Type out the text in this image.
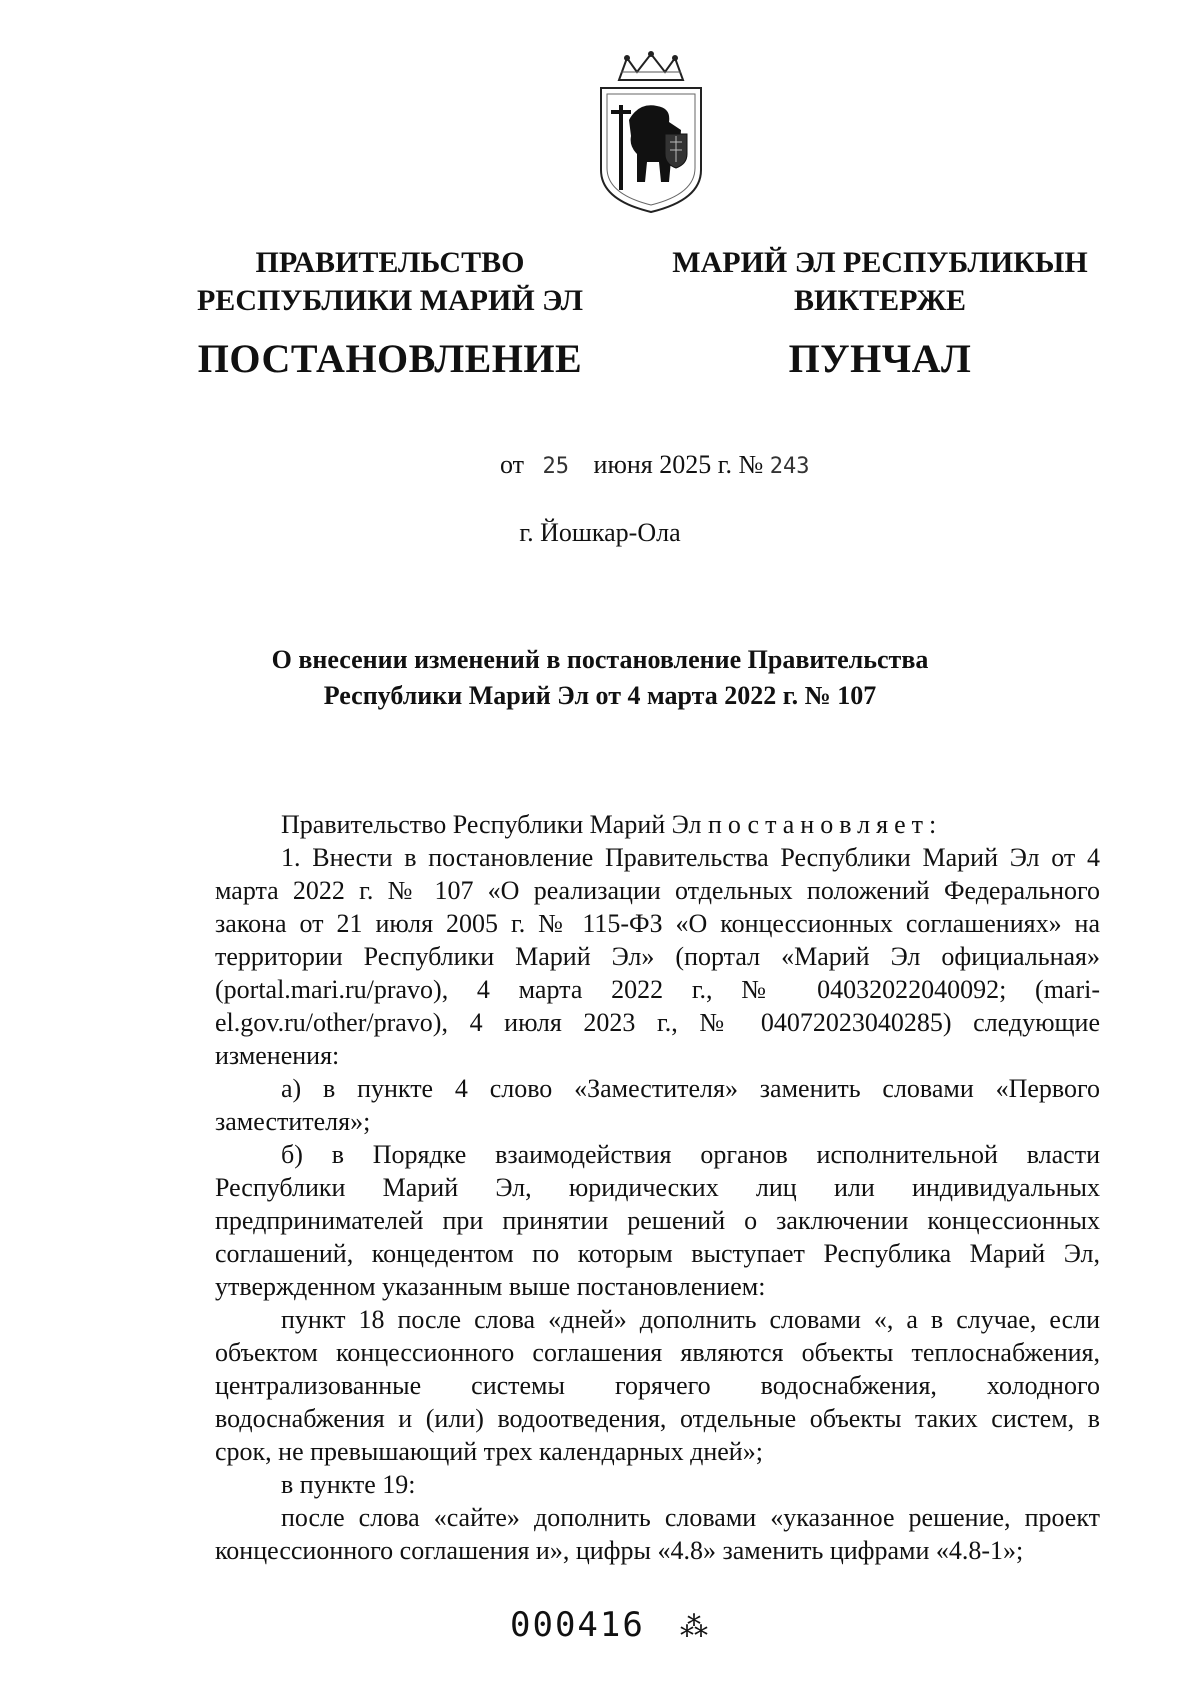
ПРАВИТЕЛЬСТВО
РЕСПУБЛИКИ МАРИЙ ЭЛ
ПОСТАНОВЛЕНИЕ
МАРИЙ ЭЛ РЕСПУБЛИКЫН
ВИКТЕРЖЕ
ПУНЧАЛ
от 25 июня 2025 г. № 243
г. Йошкар-Ола
О внесении изменений в постановление Правительства
Республики Марий Эл от 4 марта 2022 г. № 107

Правительство Республики Марий Эл постановляет:

1. Внести в постановление Правительства Республики Марий Эл от 4 марта 2022 г. № 107 «О реализации отдельных положений Федерального закона от 21 июля 2005 г. № 115-ФЗ «О концессионных соглашениях» на территории Республики Марий Эл» (портал «Марий Эл официальная» (portal.mari.ru/pravo), 4 марта 2022 г., № 04032022040092; (mari-el.gov.ru/other/pravo), 4 июля 2023 г., № 04072023040285) следующие изменения:

а) в пункте 4 слово «Заместителя» заменить словами «Первого заместителя»;

б) в Порядке взаимодействия органов исполнительной власти Республики Марий Эл, юридических лиц или индивидуальных предпринимателей при принятии решений о заключении концессионных соглашений, концедентом по которым выступает Республика Марий Эл, утвержденном указанным выше постановлением:

пункт 18 после слова «дней» дополнить словами «, а в случае, если объектом концессионного соглашения являются объекты теплоснабжения, централизованные системы горячего водоснабжения, холодного водоснабжения и (или) водоотведения, отдельные объекты таких систем, в срок, не превышающий трех календарных дней»;

в пункте 19:

после слова «сайте» дополнить словами «указанное решение, проект концессионного соглашения и», цифры «4.8» заменить цифрами «4.8-1»;

000416 ⁂
